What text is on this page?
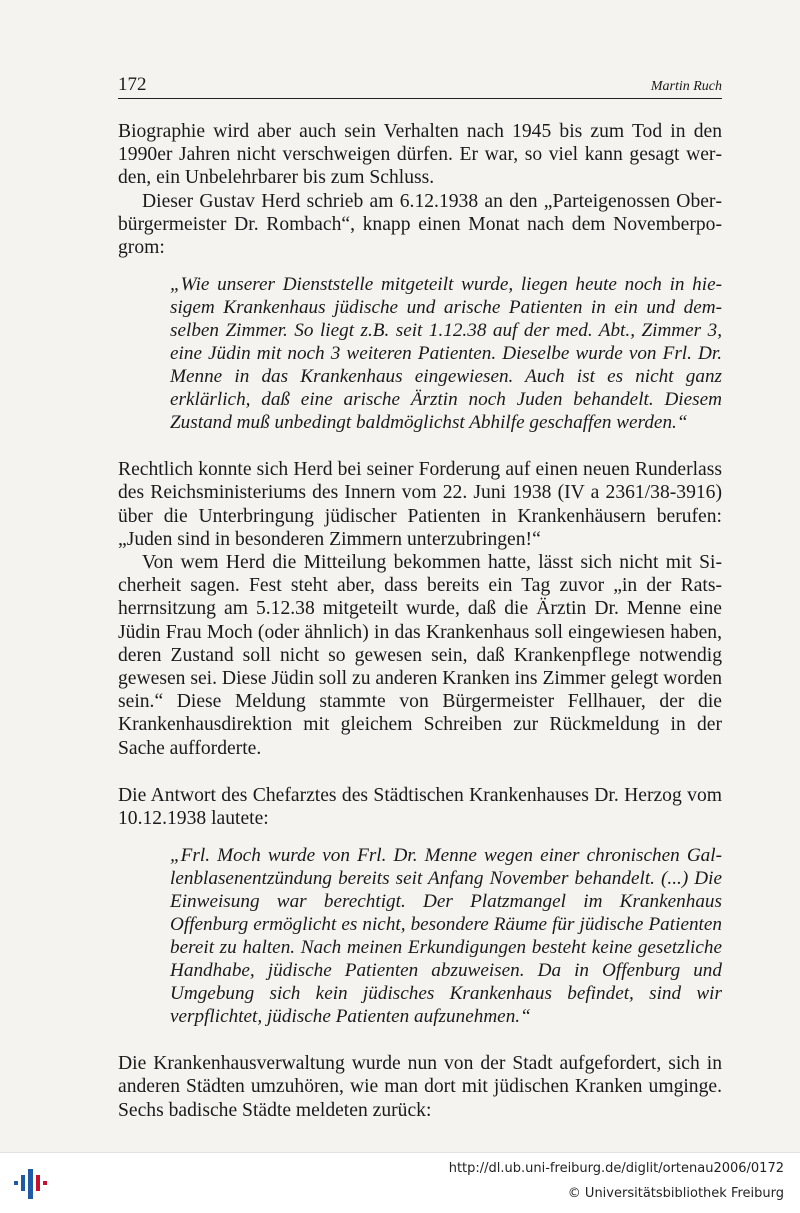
172	Martin Ruch

Biographie wird aber auch sein Verhalten nach 1945 bis zum Tod in den 1990er Jahren nicht verschweigen dürfen. Er war, so viel kann gesagt werden, ein Unbelehrbarer bis zum Schluss.

Dieser Gustav Herd schrieb am 6.12.1938 an den „Parteigenossen Oberbürgermeister Dr. Rombach“, knapp einen Monat nach dem Novemberpogrom:

„Wie unserer Dienststelle mitgeteilt wurde, liegen heute noch in hiesigem Krankenhaus jüdische und arische Patienten in ein und demselben Zimmer. So liegt z.B. seit 1.12.38 auf der med. Abt., Zimmer 3, eine Jüdin mit noch 3 weiteren Patienten. Dieselbe wurde von Frl. Dr. Menne in das Krankenhaus eingewiesen. Auch ist es nicht ganz erklärlich, daß eine arische Ärztin noch Juden behandelt. Diesem Zustand muß unbedingt baldmöglichst Abhilfe geschaffen werden.“

Rechtlich konnte sich Herd bei seiner Forderung auf einen neuen Runderlass des Reichsministeriums des Innern vom 22. Juni 1938 (IV a 2361/38-3916) über die Unterbringung jüdischer Patienten in Krankenhäusern berufen: „Juden sind in besonderen Zimmern unterzubringen!“

Von wem Herd die Mitteilung bekommen hatte, lässt sich nicht mit Sicherheit sagen. Fest steht aber, dass bereits ein Tag zuvor „in der Ratsherrnsitzung am 5.12.38 mitgeteilt wurde, daß die Ärztin Dr. Menne eine Jüdin Frau Moch (oder ähnlich) in das Krankenhaus soll eingewiesen haben, deren Zustand soll nicht so gewesen sein, daß Krankenpflege notwendig gewesen sei. Diese Jüdin soll zu anderen Kranken ins Zimmer gelegt worden sein.“ Diese Meldung stammte von Bürgermeister Fellhauer, der die Krankenhausdirektion mit gleichem Schreiben zur Rückmeldung in der Sache aufforderte.

Die Antwort des Chefarztes des Städtischen Krankenhauses Dr. Herzog vom 10.12.1938 lautete:

„Frl. Moch wurde von Frl. Dr. Menne wegen einer chronischen Gallenblasenentzündung bereits seit Anfang November behandelt. (...) Die Einweisung war berechtigt. Der Platzmangel im Krankenhaus Offenburg ermöglicht es nicht, besondere Räume für jüdische Patienten bereit zu halten. Nach meinen Erkundigungen besteht keine gesetzliche Handhabe, jüdische Patienten abzuweisen. Da in Offenburg und Umgebung sich kein jüdisches Krankenhaus befindet, sind wir verpflichtet, jüdische Patienten aufzunehmen.“

Die Krankenhausverwaltung wurde nun von der Stadt aufgefordert, sich in anderen Städten umzuhören, wie man dort mit jüdischen Kranken umginge. Sechs badische Städte meldeten zurück:

http://dl.ub.uni-freiburg.de/diglit/ortenau2006/0172
© Universitätsbibliothek Freiburg
